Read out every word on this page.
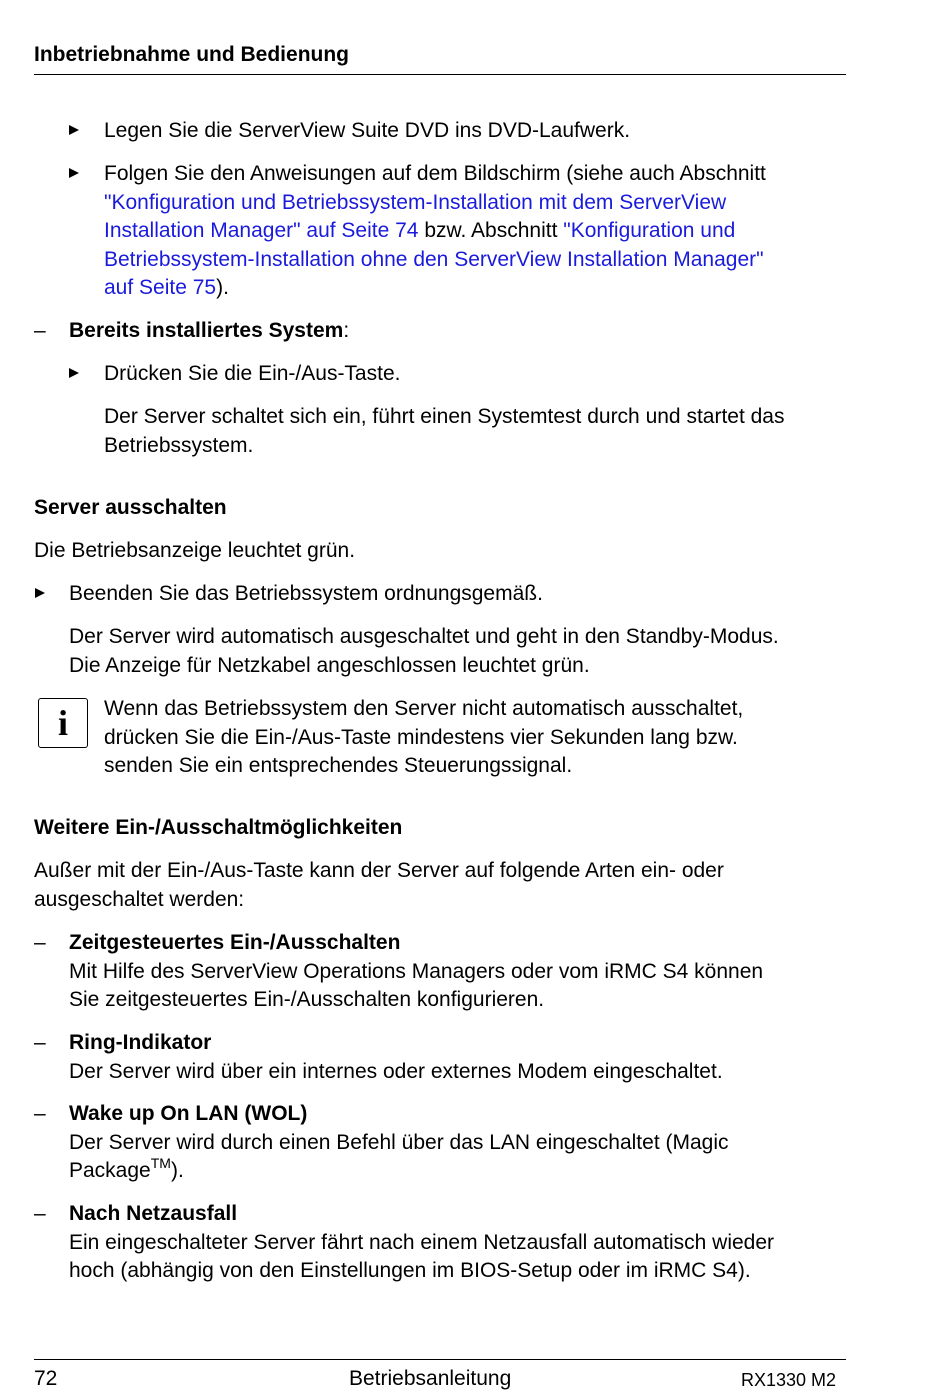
Inbetriebnahme und Bedienung
Legen Sie die ServerView Suite DVD ins DVD-Laufwerk.
Folgen Sie den Anweisungen auf dem Bildschirm (siehe auch Abschnitt
"Konfiguration und Betriebssystem-Installation mit dem ServerView
Installation Manager" auf Seite 74 bzw. Abschnitt "Konfiguration und
Betriebssystem-Installation ohne den ServerView Installation Manager"
auf Seite 75).
– Bereits installiertes System:
Drücken Sie die Ein-/Aus-Taste.
Der Server schaltet sich ein, führt einen Systemtest durch und startet das
Betriebssystem.
Server ausschalten
Die Betriebsanzeige leuchtet grün.
Beenden Sie das Betriebssystem ordnungsgemäß.
Der Server wird automatisch ausgeschaltet und geht in den Standby-Modus.
Die Anzeige für Netzkabel angeschlossen leuchtet grün.
i Wenn das Betriebssystem den Server nicht automatisch ausschaltet,
drücken Sie die Ein-/Aus-Taste mindestens vier Sekunden lang bzw.
senden Sie ein entsprechendes Steuerungssignal.
Weitere Ein-/Ausschaltmöglichkeiten
Außer mit der Ein-/Aus-Taste kann der Server auf folgende Arten ein- oder
ausgeschaltet werden:
– Zeitgesteuertes Ein-/Ausschalten
Mit Hilfe des ServerView Operations Managers oder vom iRMC S4 können
Sie zeitgesteuertes Ein-/Ausschalten konfigurieren.
– Ring-Indikator
Der Server wird über ein internes oder externes Modem eingeschaltet.
– Wake up On LAN (WOL)
Der Server wird durch einen Befehl über das LAN eingeschaltet (Magic
Package™).
– Nach Netzausfall
Ein eingeschalteter Server fährt nach einem Netzausfall automatisch wieder
hoch (abhängig von den Einstellungen im BIOS-Setup oder im iRMC S4).
72	Betriebsanleitung	RX1330 M2
